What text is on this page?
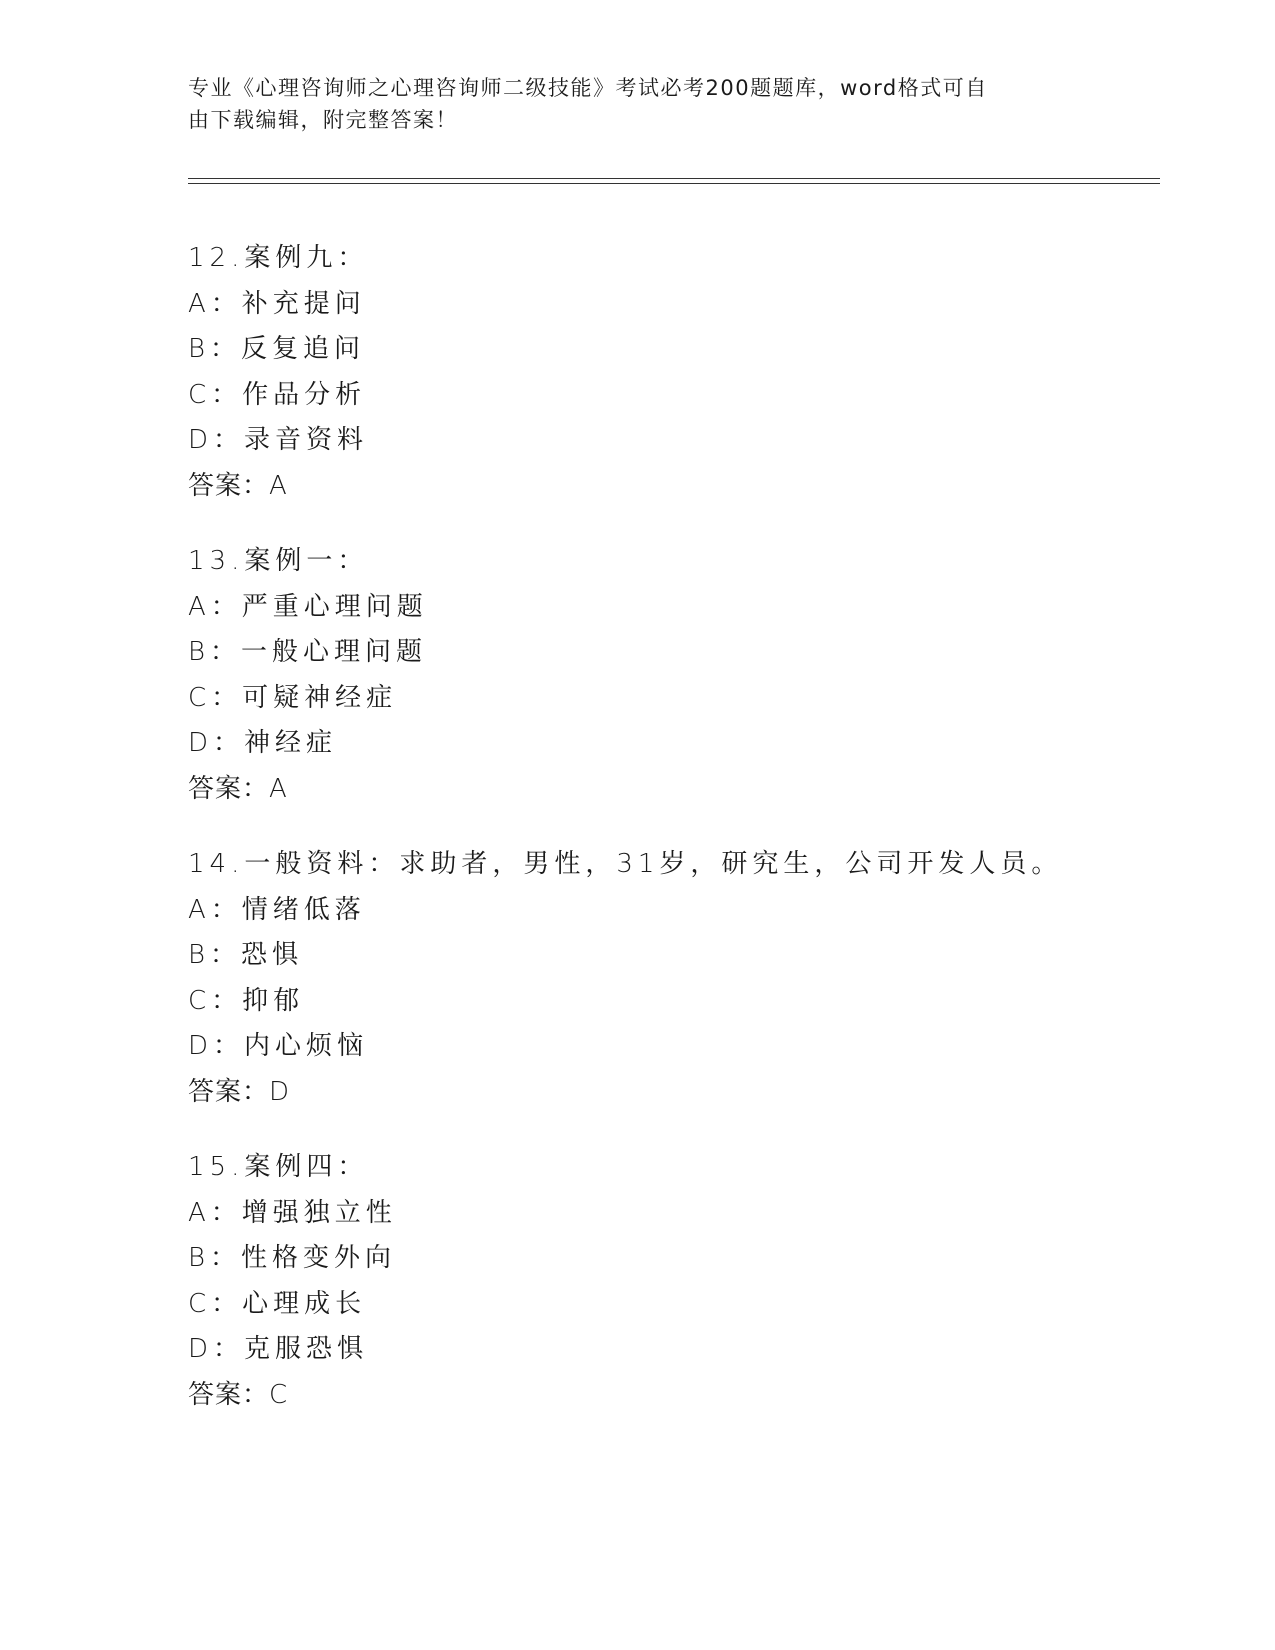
专业《心理咨询师之心理咨询师二级技能》考试必考200题题库，word格式可自
由下载编辑，附完整答案！
12.案例九：
A：补充提问
B：反复追问
C：作品分析
D：录音资料
答案：A
13.案例一：
A：严重心理问题
B：一般心理问题
C：可疑神经症
D：神经症
答案：A
14.一般资料：求助者，男性，31岁，研究生，公司开发人员。
A：情绪低落
B：恐惧
C：抑郁
D：内心烦恼
答案：D
15.案例四：
A：增强独立性
B：性格变外向
C：心理成长
D：克服恐惧
答案：C
